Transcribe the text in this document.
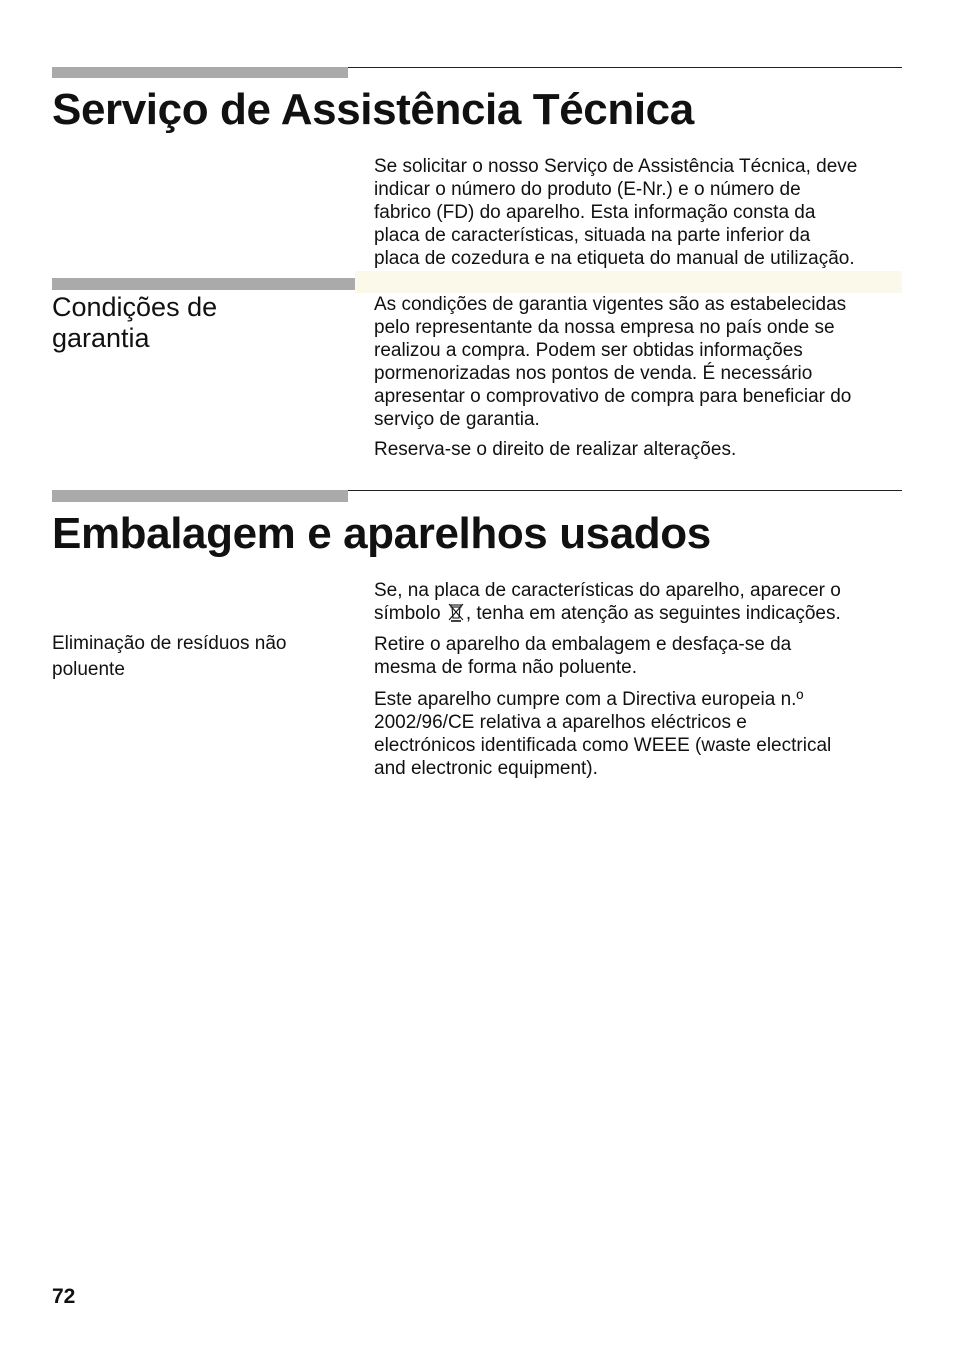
Serviço de Assistência Técnica
Se solicitar o nosso Serviço de Assistência Técnica, deve
indicar o número do produto (E-Nr.) e o número de
fabrico (FD) do aparelho. Esta informação consta da
placa de características, situada na parte inferior da
placa de cozedura e na etiqueta do manual de utilização.
Condições de
garantia
As condições de garantia vigentes são as estabelecidas
pelo representante da nossa empresa no país onde se
realizou a compra. Podem ser obtidas informações
pormenorizadas nos pontos de venda. É necessário
apresentar o comprovativo de compra para beneficiar do
serviço de garantia.

Reserva-se o direito de realizar alterações.

Embalagem e aparelhos usados
Se, na placa de características do aparelho, aparecer o
símbolo , tenha em atenção as seguintes indicações.
Eliminação de resíduos não
poluente
Retire o aparelho da embalagem e desfaça-se da
mesma de forma não poluente.
Este aparelho cumpre com a Directiva europeia n.º
2002/96/CE relativa a aparelhos eléctricos e
electrónicos identificada como WEEE (waste electrical
and electronic equipment).

72
